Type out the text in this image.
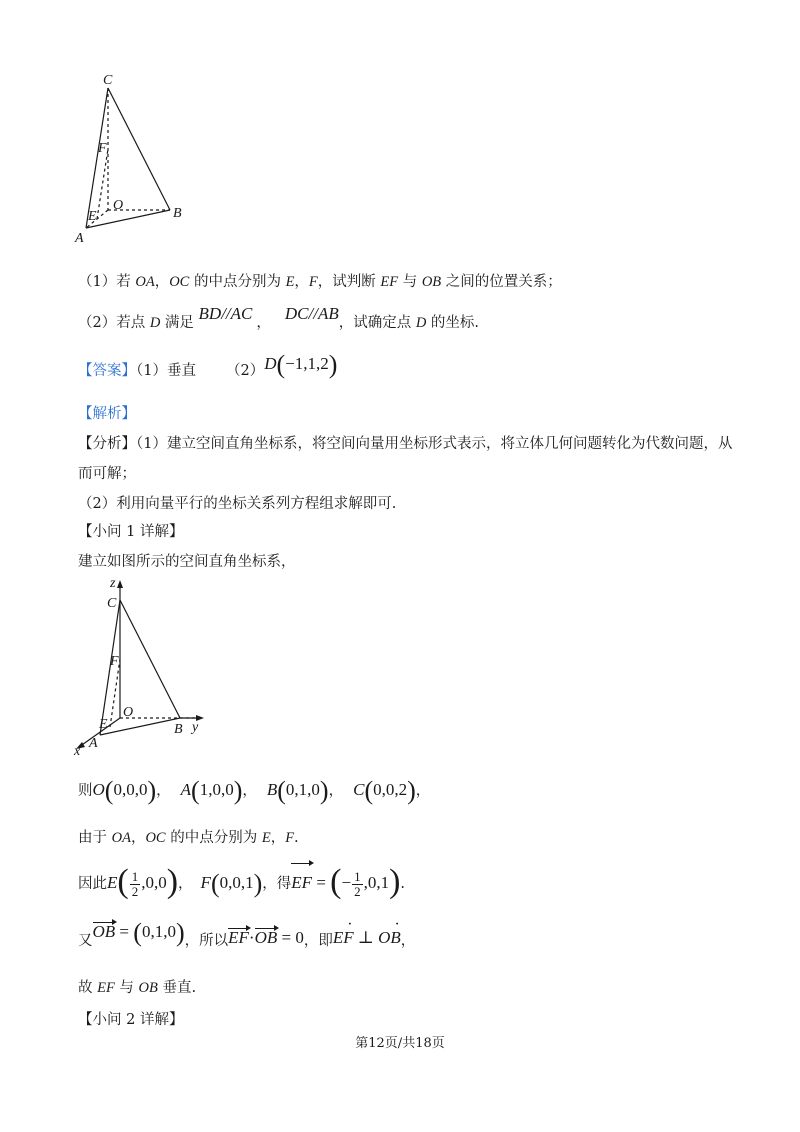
C
F
O
E	B
A
（1）若 OA，OC 的中点分别为 E，F，试判断 EF 与 OB 之间的位置关系；
（2）若点 D 满足 BD//AC ， DC//AB，试确定点 D 的坐标.
【答案】（1）垂直 （2）D(−1,1,2)
【解析】
【分析】（1）建立空间直角坐标系，将空间向量用坐标形式表示，将立体几何问题转化为代数问题，从
而可解；
（2）利用向量平行的坐标关系列方程组求解即可.
【小问 1 详解】
建立如图所示的空间直角坐标系，
z
C
F
O
E	B y
A
x
则O(0,0,0)， A(1,0,0)， B(0,1,0)， C(0,0,2)，
由于 OA，OC 的中点分别为 E，F.
因此$E( \frac{1}{2} ,0,0)$， F(0,0,1)，得EF = (− $\frac{1}{2} ,0,1$).
又OB = (0,1,0)，所以EF·OB = 0，即EF · ⊥ OB ·，
故 EF 与 OB 垂直.
【小问 2 详解】
第12页/共18页
